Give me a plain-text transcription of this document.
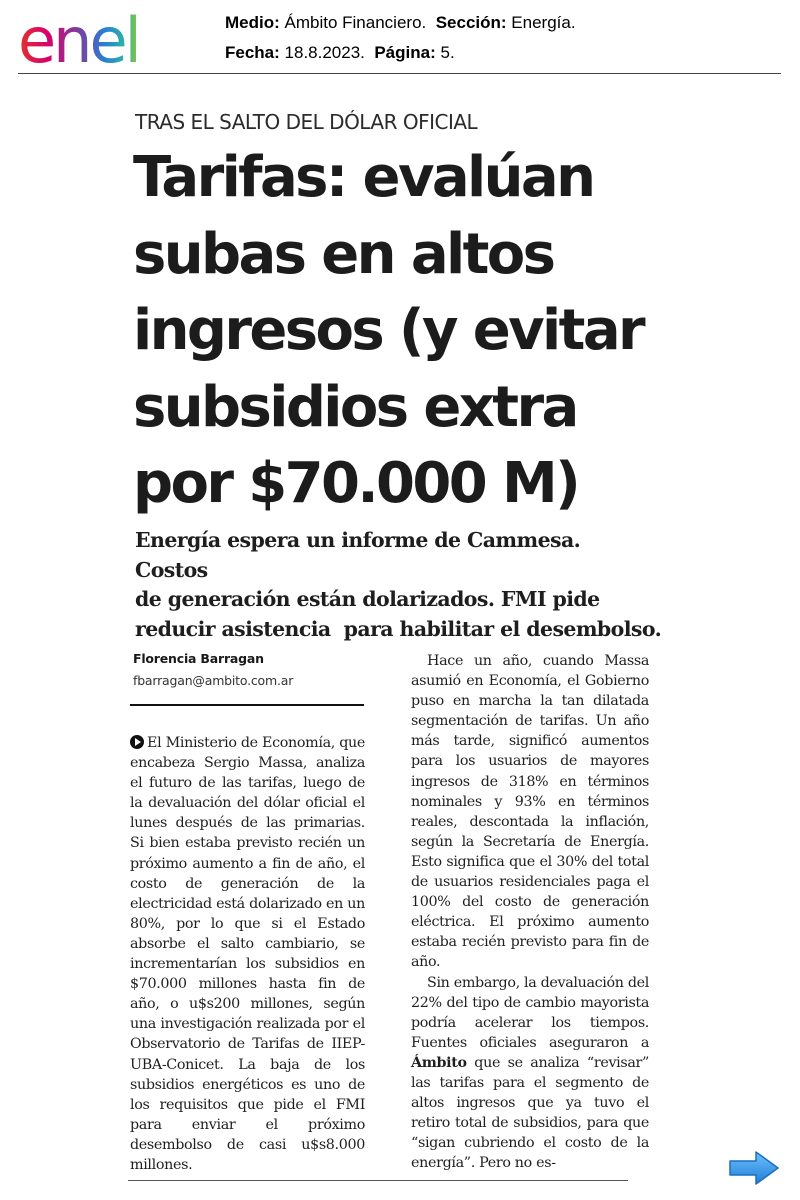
enel	Medio: Ámbito Financiero. Sección: Energía.
Fecha: 18.8.2023. Página: 5.
TRAS EL SALTO DEL DÓLAR OFICIAL
Tarifas: evalúan
subas en altos
ingresos (y evitar
subsidios extra
por $70.000 M)
Energía espera un informe de Cammesa. Costos
de generación están dolarizados. FMI pide
reducir asistencia  para habilitar el desembolso.
Florencia Barragan
fbarragan@ambito.com.ar

El Ministerio de Economía, que encabeza Sergio Massa, analiza el futuro de las tarifas, luego de la devaluación del dólar oficial el lunes después de las primarias. Si bien estaba previsto recién un próximo aumento a fin de año, el costo de generación de la electricidad está dolarizado en un 80%, por lo que si el Estado absorbe el salto cambiario, se incrementarían los subsidios en $70.000 millones hasta fin de año, o u$s200 millones, según una investigación realizada por el Observatorio de Tarifas de IIEP-UBA-Conicet. La baja de los subsidios energéticos es uno de los requisitos que pide el FMI para enviar el próximo desembolso de casi u$s8.000 millones.

Hace un año, cuando Massa asumió en Economía, el Gobierno puso en marcha la tan dilatada segmentación de tarifas. Un año más tarde, significó aumentos para los usuarios de mayores ingresos de 318% en términos nominales y 93% en términos reales, descontada la inflación, según la Secretaría de Energía. Esto significa que el 30% del total de usuarios residenciales paga el 100% del costo de generación eléctrica. El próximo aumento estaba recién previsto para fin de año.

Sin embargo, la devaluación del 22% del tipo de cambio mayorista podría acelerar los tiempos. Fuentes oficiales aseguraron a Ámbito que se analiza “revisar” las tarifas para el segmento de altos ingresos que ya tuvo el retiro total de subsidios, para que “sigan cubriendo el costo de la energía”. Pero no es-
